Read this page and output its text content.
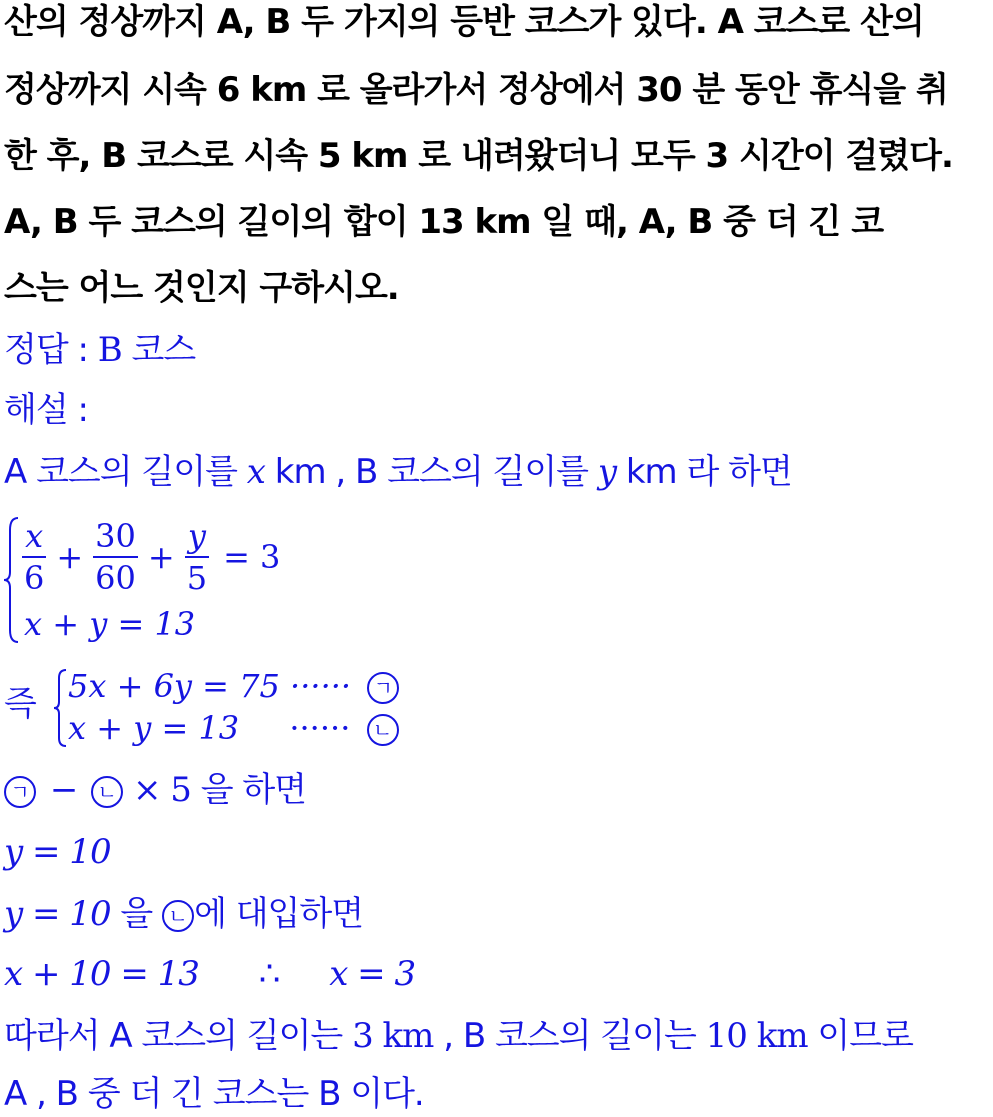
산의 정상까지 A, B 두 가지의 등반 코스가 있다. A 코스로 산의
정상까지 시속 6 km 로 올라가서 정상에서 30 분 동안 휴식을 취
한 후, B 코스로 시속 5 km 로 내려왔더니 모두 3 시간이 걸렸다.
A, B 두 코스의 길이의 합이 13 km 일 때, A, B 중 더 긴 코
스는 어느 것인지 구하시오.
정답 : B 코스
해설 :
A 코스의 길이를 x km , B 코스의 길이를 y km 라 하면
$\frac{x}{6} + \frac{30}{60} + \frac{y}{5} = 3$
x + y = 13
즉 5x + 6y = 75 ······ ㄱ
x + y = 13 ······ ㄴ
ㄱ − ㄴ × 5 을 하면
y = 10
y = 10 을 ㄴ 에 대입하면
x + 10 = 13 ∴ x = 3
따라서 A 코스의 길이는 3 km , B 코스의 길이는 10 km 이므로
A , B 중 더 긴 코스는 B 이다.
